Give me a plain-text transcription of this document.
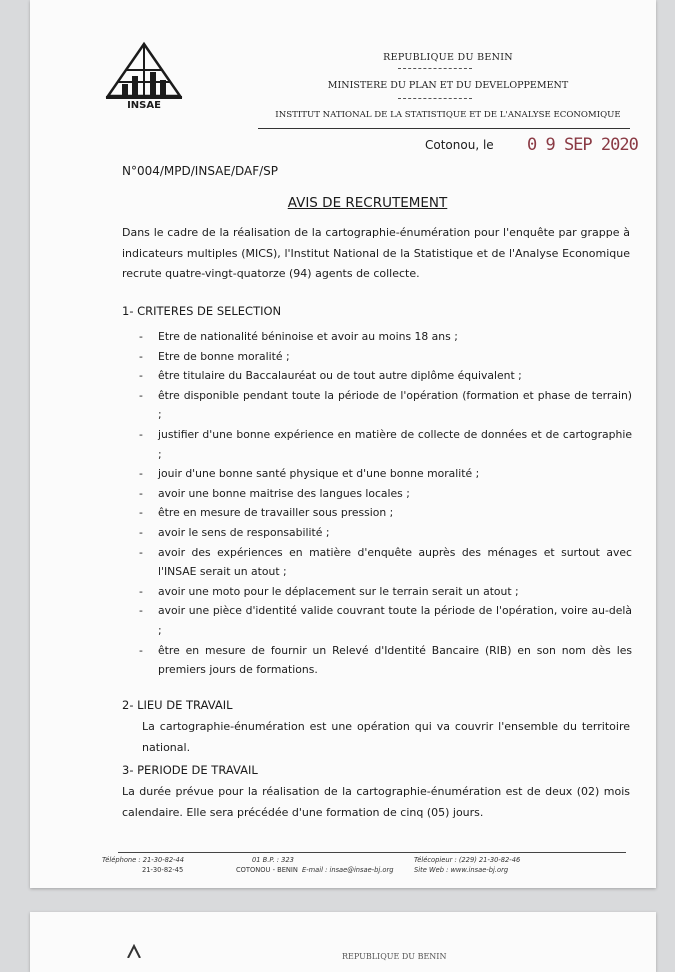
INSAE
REPUBLIQUE DU BENIN
MINISTERE DU PLAN ET DU DEVELOPPEMENT
INSTITUT NATIONAL DE LA STATISTIQUE ET DE L'ANALYSE ECONOMIQUE
Cotonou, le 0 9 SEP 2020
N°004/MPD/INSAE/DAF/SP
AVIS DE RECRUTEMENT
Dans le cadre de la réalisation de la cartographie-énumération pour l'enquête par grappe à indicateurs multiples (MICS), l'Institut National de la Statistique et de l'Analyse Economique recrute quatre-vingt-quatorze (94) agents de collecte.
1- CRITERES DE SELECTION
- Etre de nationalité béninoise et avoir au moins 18 ans ;
- Etre de bonne moralité ;
- être titulaire du Baccalauréat ou de tout autre diplôme équivalent ;
- être disponible pendant toute la période de l'opération (formation et phase de terrain) ;
- justifier d'une bonne expérience en matière de collecte de données et de cartographie ;
- jouir d'une bonne santé physique et d'une bonne moralité ;
- avoir une bonne maitrise des langues locales ;
- être en mesure de travailler sous pression ;
- avoir le sens de responsabilité ;
- avoir des expériences en matière d'enquête auprès des ménages et surtout avec l'INSAE serait un atout ;
- avoir une moto pour le déplacement sur le terrain serait un atout ;
- avoir une pièce d'identité valide couvrant toute la période de l'opération, voire au-delà ;
- être en mesure de fournir un Relevé d'Identité Bancaire (RIB) en son nom dès les premiers jours de formations.
2- LIEU DE TRAVAIL
La cartographie-énumération est une opération qui va couvrir l'ensemble du territoire national.
3- PERIODE DE TRAVAIL
La durée prévue pour la réalisation de la cartographie-énumération est de deux (02) mois calendaire. Elle sera précédée d'une formation de cinq (05) jours.
Téléphone : 21-30-82-44
21-30-82-45
01 B.P. : 323
COTONOU - BENIN E-mail : insae@insae-bj.org
Télécopieur : (229) 21-30-82-46
Site Web : www.insae-bj.org
REPUBLIQUE DU BENIN
